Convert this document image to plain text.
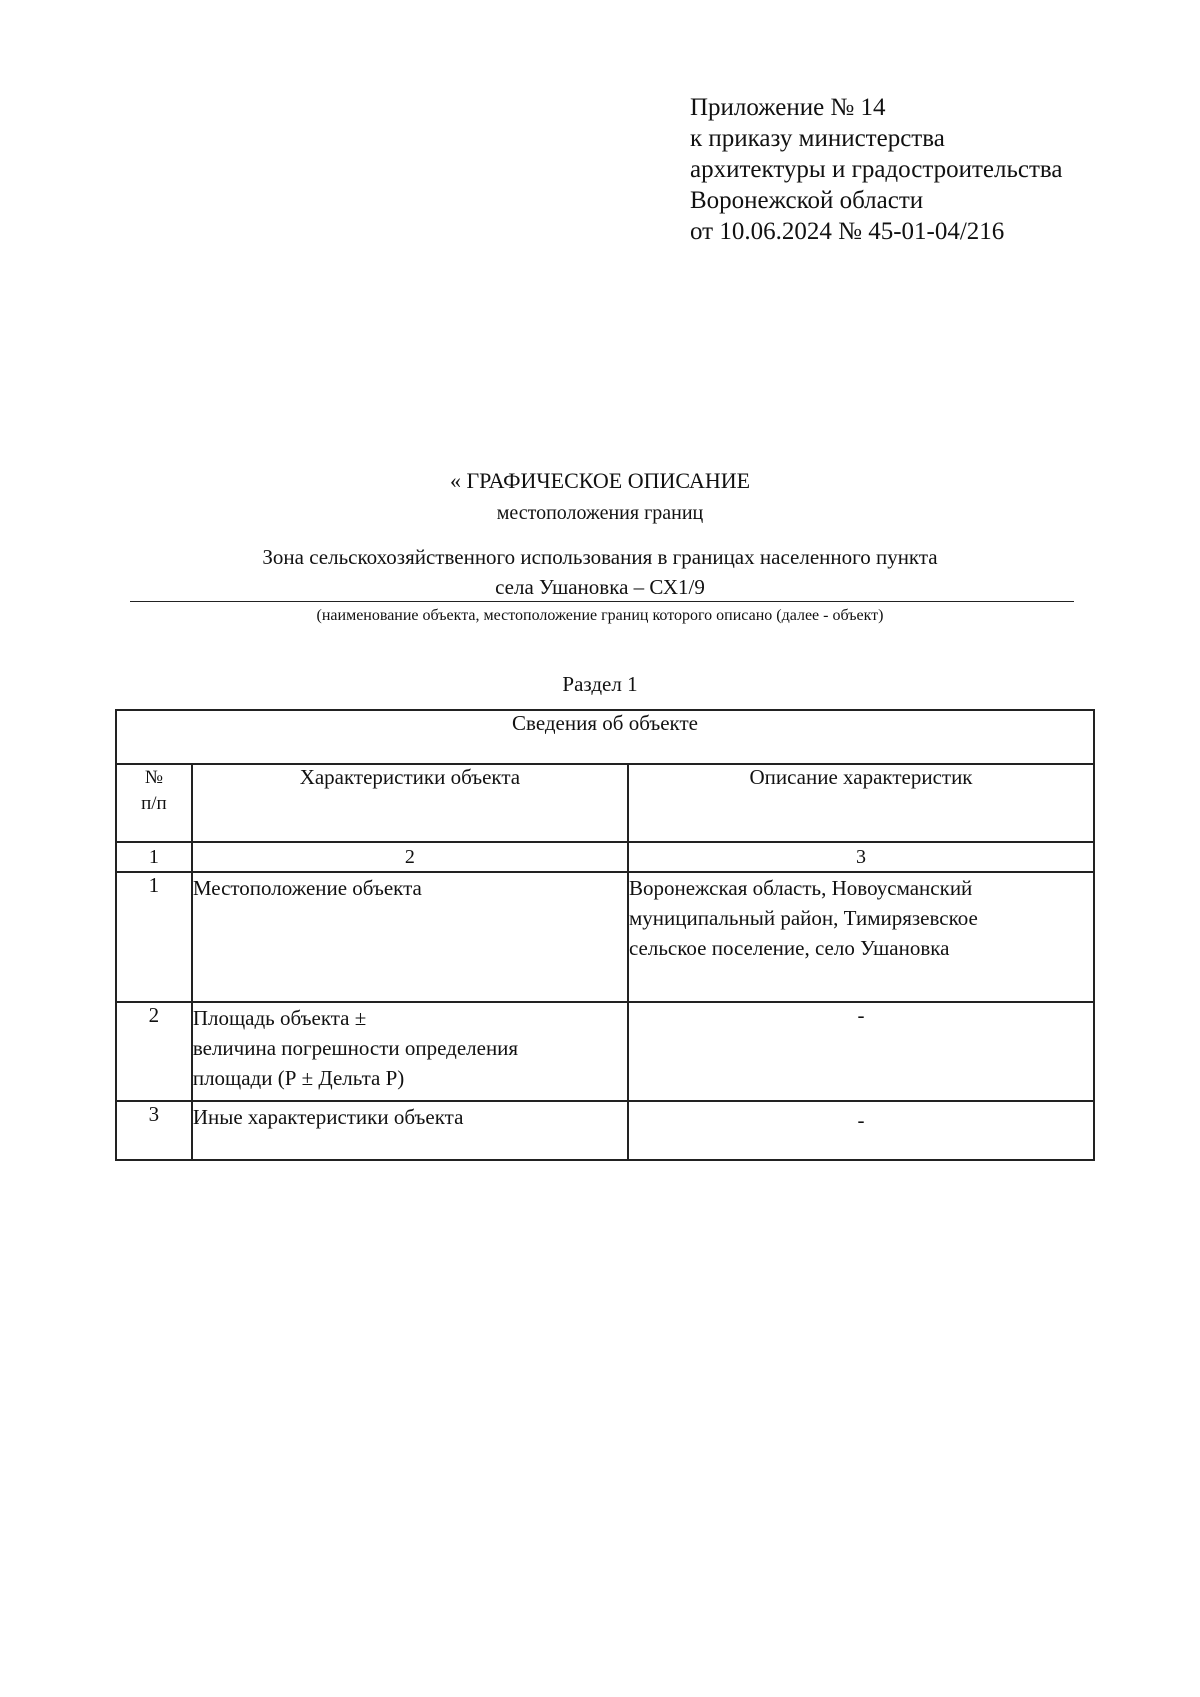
Приложение № 14
к приказу министерства
архитектуры и градостроительства
Воронежской области
от 10.06.2024 № 45-01-04/216
« ГРАФИЧЕСКОЕ ОПИСАНИЕ
местоположения границ
Зона сельскохозяйственного использования в границах населенного пункта
села Ушановка – СХ1/9
(наименование объекта, местоположение границ которого описано (далее - объект)
Раздел 1
Сведения об объекте		

№
п/п	Характеристики объекта	Описание характеристик
1	2	3
1	Местоположение объекта	Воронежская область, Новоусманский
муниципальный район, Тимирязевское
сельское поселение, село Ушановка

2	Площадь объекта ±
величина погрешности определения
площади (Р ± Дельта Р)	-
3	Иные характеристики объекта	-
